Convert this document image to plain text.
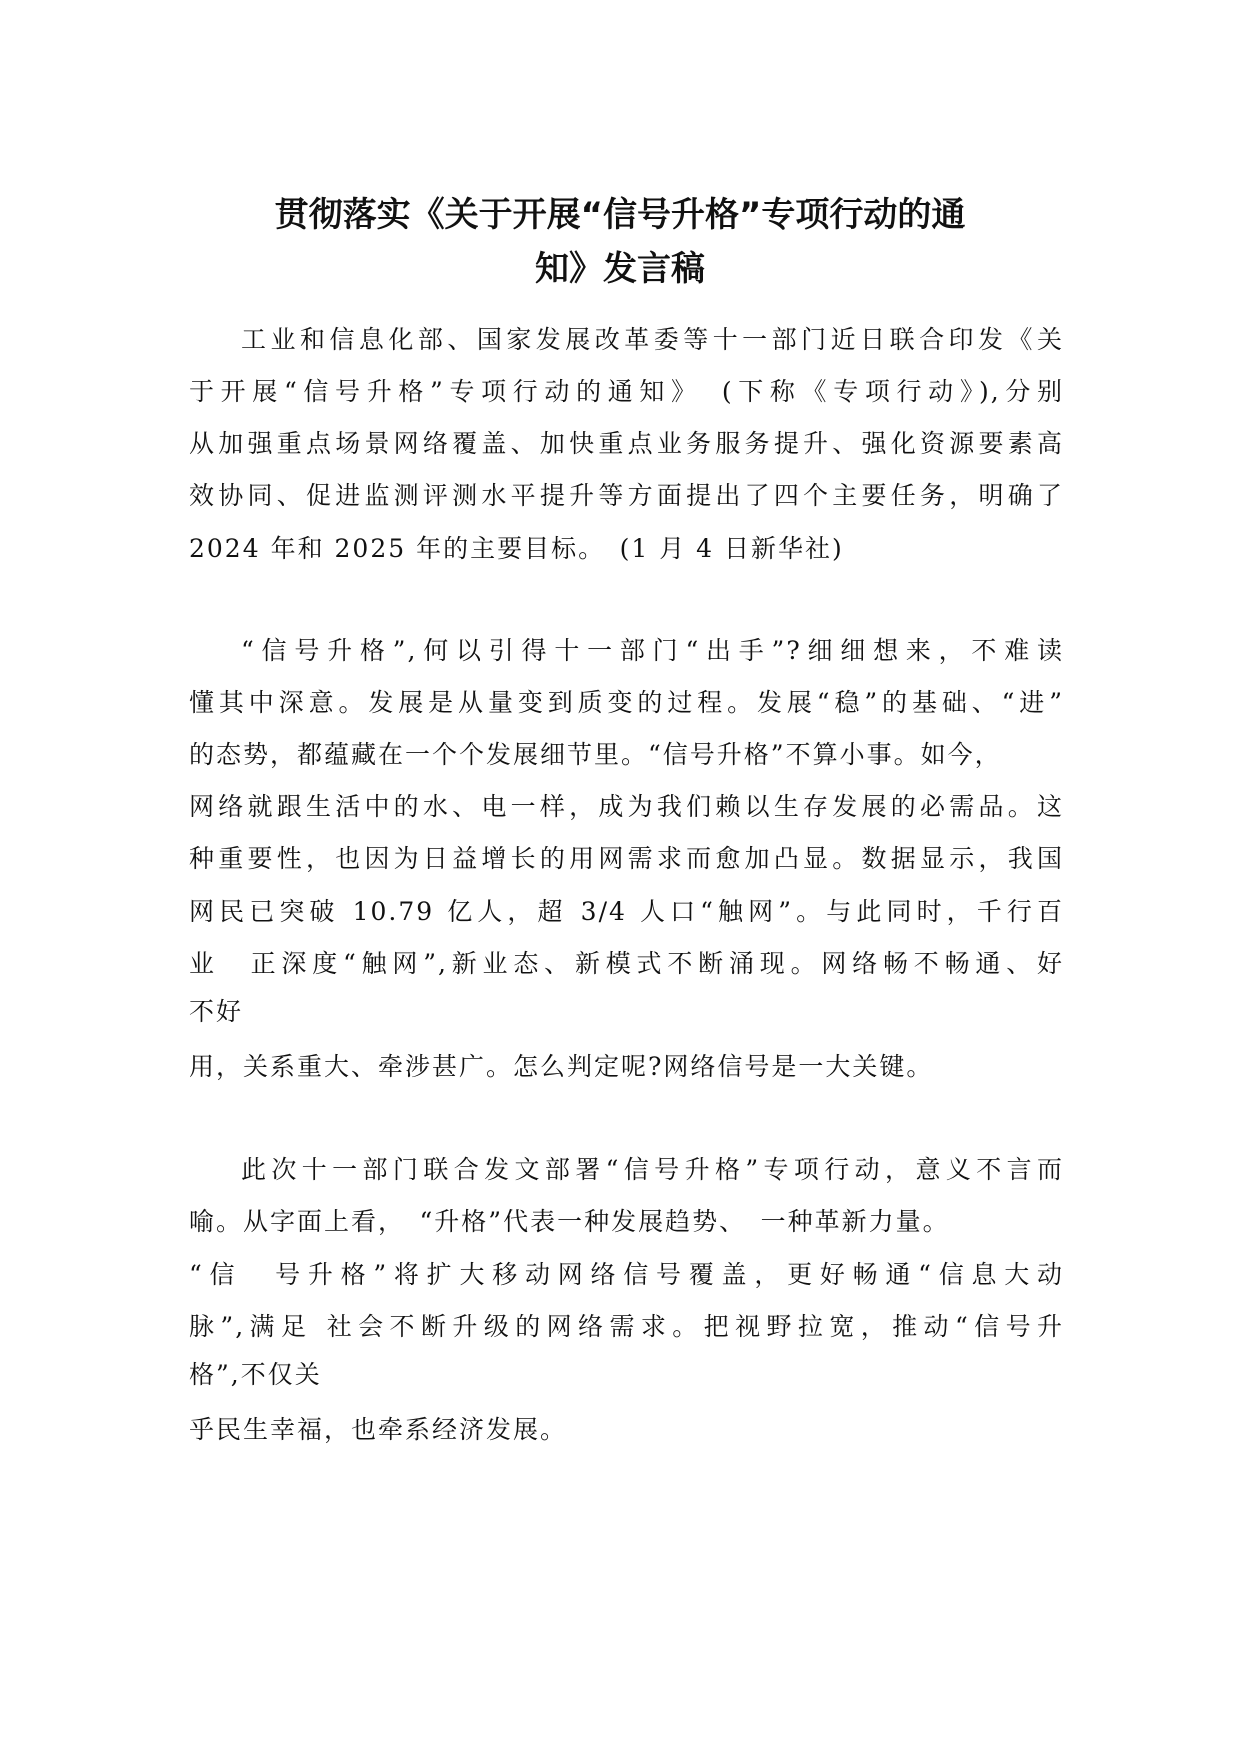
贯彻落实《关于开展“信号升格”专项行动的通
知》发言稿
工业和信息化部、国家发展改革委等十一部门近日联合印发《关
于开展“信号升格”专项行动的通知》　(下称《专项行动》),分别
从加强重点场景网络覆盖、加快重点业务服务提升、强化资源要素高
效协同、促进监测评测水平提升等方面提出了四个主要任务，明确了
2024 年和 2025 年的主要目标。　(1 月 4 日新华社)
“信号升格”,何以引得十一部门“出手”?细细想来，不难读
懂其中深意。发展是从量变到质变的过程。发展“稳”的基础、“进”
的态势，都蕴藏在一个个发展细节里。“信号升格”不算小事。如今，
网络就跟生活中的水、电一样，成为我们赖以生存发展的必需品。这
种重要性，也因为日益增长的用网需求而愈加凸显。数据显示，我国
网民已突破 10.79 亿人，超 3/4 人口“触网”。与此同时，千行百
业　正深度“触网”,新业态、新模式不断涌现。网络畅不畅通、好
不好
用，关系重大、牵涉甚广。怎么判定呢?网络信号是一大关键。
此次十一部门联合发文部署“信号升格”专项行动，意义不言而
喻。从字面上看，　“升格”代表一种发展趋势、　一种革新力量。
“信　号升格”将扩大移动网络信号覆盖，更好畅通“信息大动
脉”,满足 社会不断升级的网络需求。把视野拉宽，推动“信号升
格”,不仅关
乎民生幸福，也牵系经济发展。
